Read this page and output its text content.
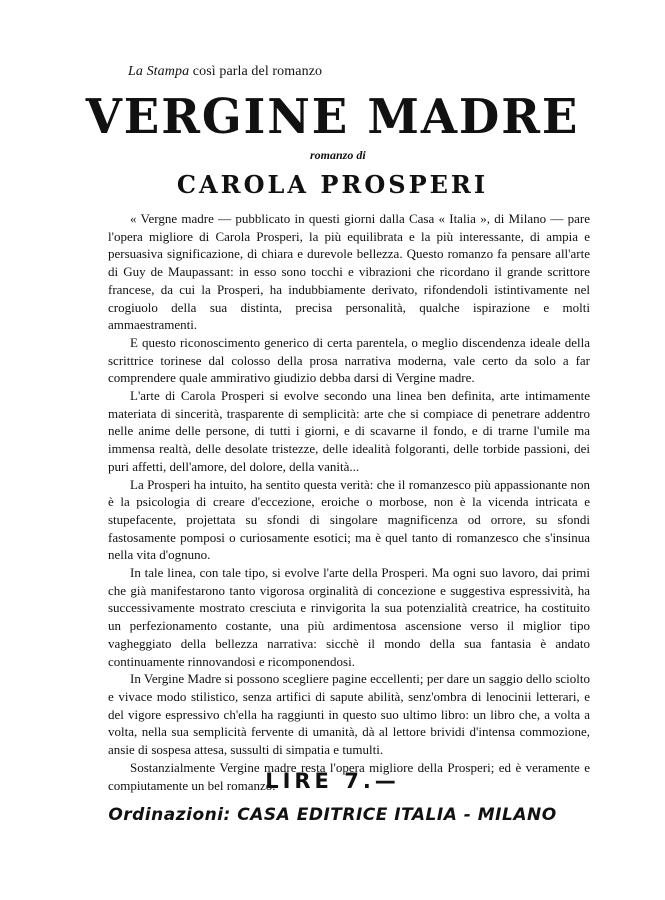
La Stampa così parla del romanzo
VERGINE MADRE
romanzo di
CAROLA PROSPERI

« Vergne madre — pubblicato in questi giorni dalla Casa « Italia », di Milano — pare l'opera migliore di Carola Prosperi, la più equilibrata e la più interessante, di ampia e persuasiva significazione, di chiara e durevole bellezza. Questo romanzo fa pensare all'arte di Guy de Maupassant: in esso sono tocchi e vibrazioni che ricordano il grande scrittore francese, da cui la Prosperi, ha indubbiamente derivato, rifondendoli istintivamente nel crogiuolo della sua distinta, precisa personalità, qualche ispirazione e molti ammaestramenti.

E questo riconoscimento generico di certa parentela, o meglio discendenza ideale della scrittrice torinese dal colosso della prosa narrativa moderna, vale certo da solo a far comprendere quale ammirativo giudizio debba darsi di Vergine madre.

L'arte di Carola Prosperi si evolve secondo una linea ben definita, arte intimamente materiata di sincerità, trasparente di semplicità: arte che si compiace di penetrare addentro nelle anime delle persone, di tutti i giorni, e di scavarne il fondo, e di trarne l'umile ma immensa realtà, delle desolate tristezze, delle idealità folgoranti, delle torbide passioni, dei puri affetti, dell'amore, del dolore, della vanità...

La Prosperi ha intuito, ha sentito questa verità: che il romanzesco più appassionante non è la psicologia di creare d'eccezione, eroiche o morbose, non è la vicenda intricata e stupefacente, projettata su sfondi di singolare magnificenza od orrore, su sfondi fastosamente pomposi o curiosamente esotici; ma è quel tanto di romanzesco che s'insinua nella vita d'ognuno.

In tale linea, con tale tipo, si evolve l'arte della Prosperi. Ma ogni suo lavoro, dai primi che già manifestarono tanto vigorosa orginalità di concezione e suggestiva espressività, ha successivamente mostrato cresciuta e rinvigorita la sua potenzialità creatrice, ha costituito un perfezionamento costante, una più ardimentosa ascensione verso il miglior tipo vagheggiato della bellezza narrativa: sicchè il mondo della sua fantasia è andato continuamente rinnovandosi e ricomponendosi.

In Vergine Madre si possono scegliere pagine eccellenti; per dare un saggio dello sciolto e vivace modo stilistico, senza artifici di sapute abilità, senz'ombra di lenocinii letterari, e del vigore espressivo ch'ella ha raggiunti in questo suo ultimo libro: un libro che, a volta a volta, nella sua semplicità fervente di umanità, dà al lettore brividi d'intensa commozione, ansie di sospesa attesa, sussulti di simpatia e tumulti.

Sostanzialmente Vergine madre resta l'opera migliore della Prosperi; ed è veramente e compiutamente un bel romanzo.

LIRE 7.—
Ordinazioni: CASA EDITRICE ITALIA - MILANO
